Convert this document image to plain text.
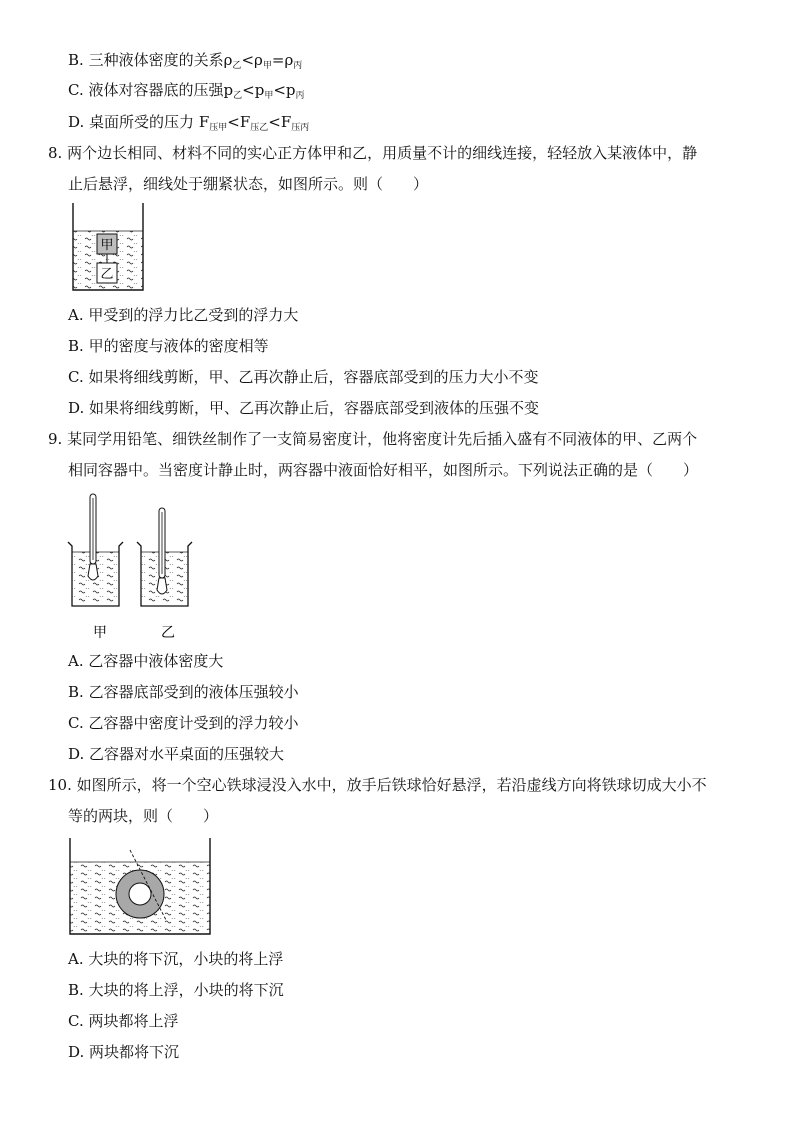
B. 三种液体密度的关系$\rho_乙<\rho_甲=\rho_丙$
C. 液体对容器底的压强$p_乙<p_甲<p_丙$
D. 桌面所受的压力 $F_{压甲}<F_{压乙}<F_{压丙}$
8. 两个边长相同、材料不同的实心正方体甲和乙，用质量不计的细线连接，轻轻放入某液体中，静
止后悬浮，细线处于绷紧状态，如图所示。则（　　）
甲
乙
A. 甲受到的浮力比乙受到的浮力大
B. 甲的密度与液体的密度相等
C. 如果将细线剪断，甲、乙再次静止后，容器底部受到的压力大小不变
D. 如果将细线剪断，甲、乙再次静止后，容器底部受到液体的压强不变
9. 某同学用铅笔、细铁丝制作了一支简易密度计，他将密度计先后插入盛有不同液体的甲、乙两个
相同容器中。当密度计静止时，两容器中液面恰好相平，如图所示。下列说法正确的是（　　）
甲	乙
A. 乙容器中液体密度大
B. 乙容器底部受到的液体压强较小
C. 乙容器中密度计受到的浮力较小
D. 乙容器对水平桌面的压强较大
10. 如图所示，将一个空心铁球浸没入水中，放手后铁球恰好悬浮，若沿虚线方向将铁球切成大小不
等的两块，则（　　）
A. 大块的将下沉，小块的将上浮
B. 大块的将上浮，小块的将下沉
C. 两块都将上浮
D. 两块都将下沉
